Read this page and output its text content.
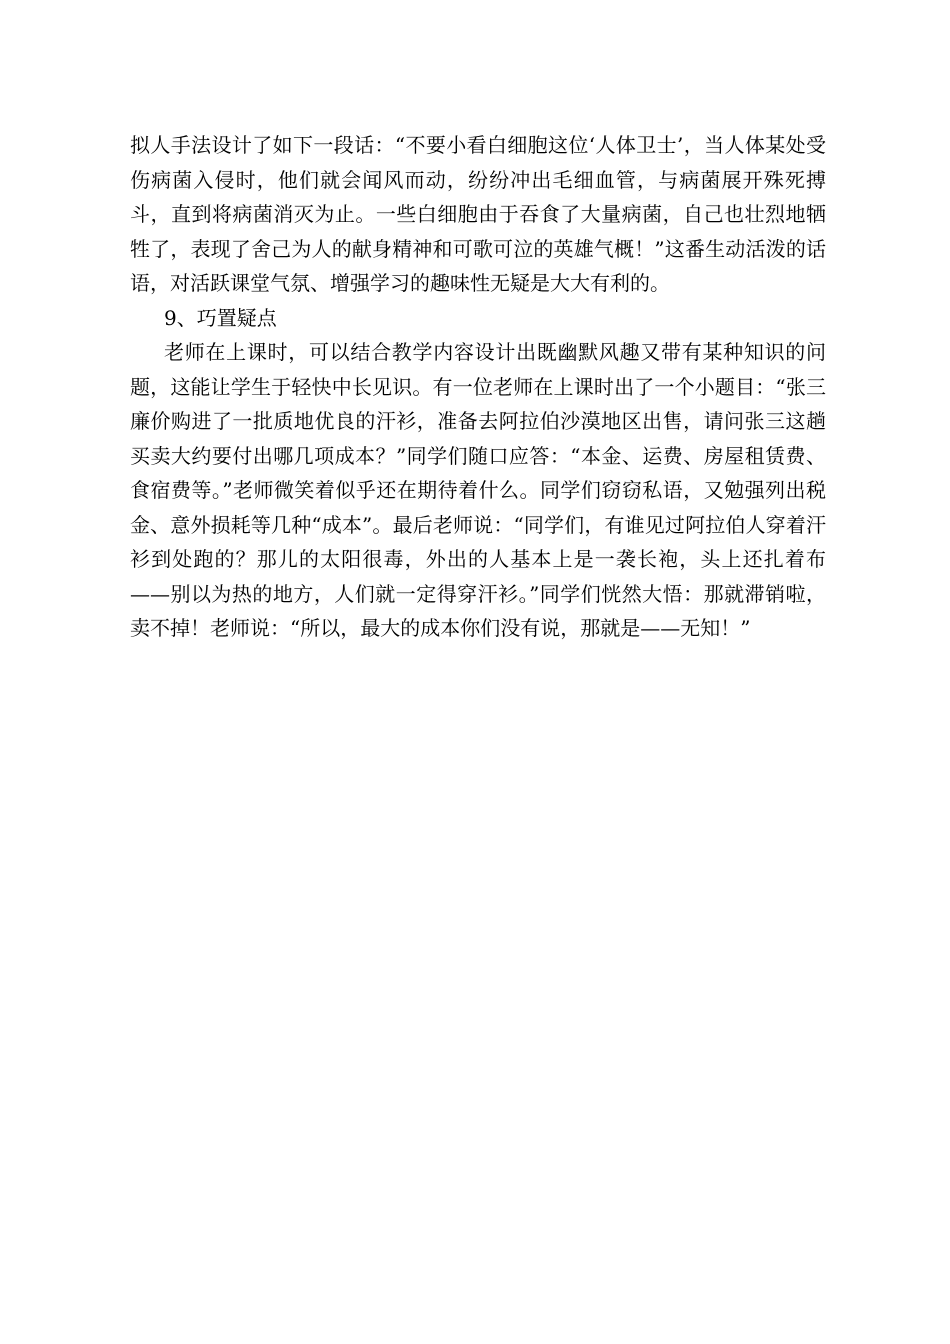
拟人手法设计了如下一段话：“不要小看白细胞这位‘人体卫士’，当人体某处受伤病菌入侵时，他们就会闻风而动，纷纷冲出毛细血管，与病菌展开殊死搏斗，直到将病菌消灭为止。一些白细胞由于吞食了大量病菌，自己也壮烈地牺牲了，表现了舍己为人的献身精神和可歌可泣的英雄气概！”这番生动活泼的话语，对活跃课堂气氛、增强学习的趣味性无疑是大大有利的。

9、巧置疑点

老师在上课时，可以结合教学内容设计出既幽默风趣又带有某种知识的问题，这能让学生于轻快中长见识。有一位老师在上课时出了一个小题目：“张三廉价购进了一批质地优良的汗衫，准备去阿拉伯沙漠地区出售，请问张三这趟买卖大约要付出哪几项成本？”同学们随口应答：“本金、运费、房屋租赁费、食宿费等。”老师微笑着似乎还在期待着什么。同学们窃窃私语，又勉强列出税金、意外损耗等几种“成本”。最后老师说：“同学们，有谁见过阿拉伯人穿着汗衫到处跑的？那儿的太阳很毒，外出的人基本上是一袭长袍，头上还扎着布——别以为热的地方，人们就一定得穿汗衫。”同学们恍然大悟：那就滞销啦，卖不掉！老师说：“所以，最大的成本你们没有说，那就是——无知！”
